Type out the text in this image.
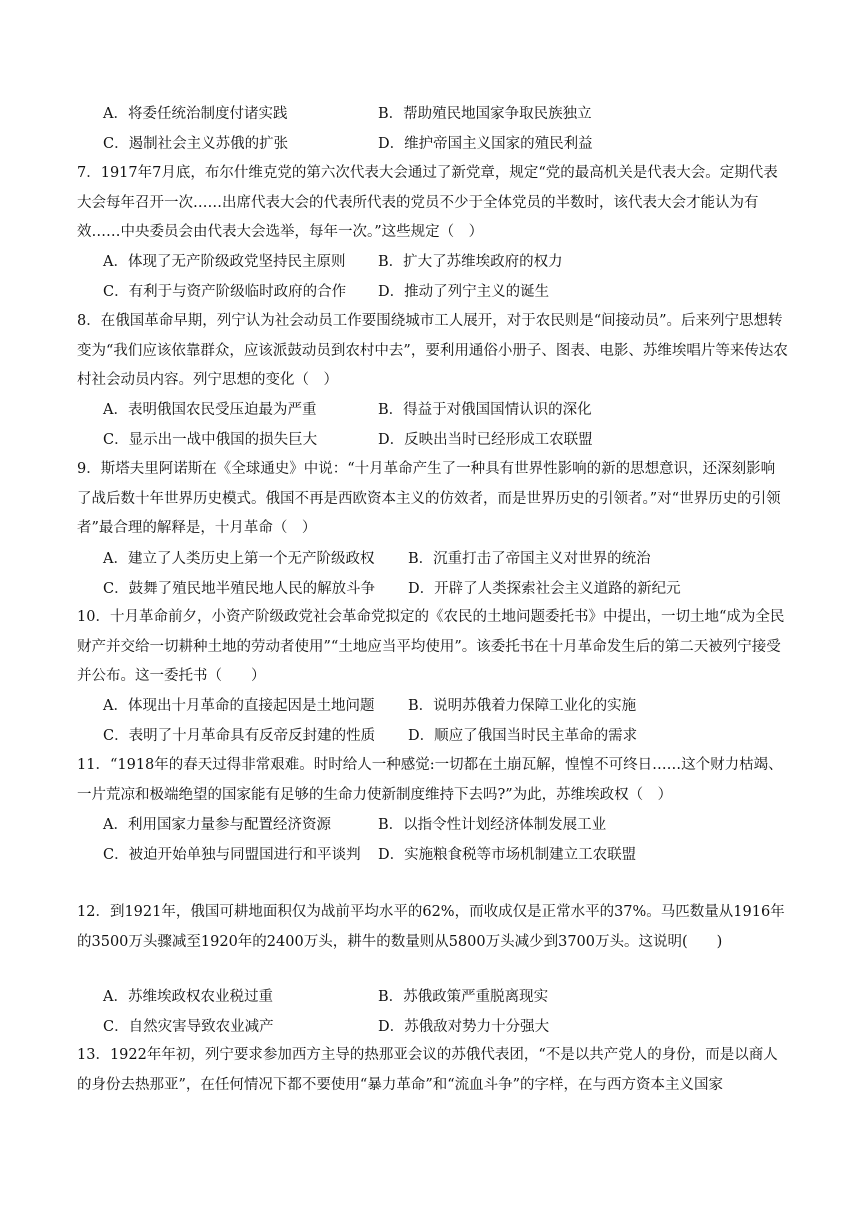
A．将委任统治制度付诸实践	B．帮助殖民地国家争取民族独立
C．遏制社会主义苏俄的扩张	D．维护帝国主义国家的殖民利益
7．1917年7月底，布尔什维克党的第六次代表大会通过了新党章，规定“党的最高机关是代表大会。定期代表大会每年召开一次……出席代表大会的代表所代表的党员不少于全体党员的半数时，该代表大会才能认为有效……中央委员会由代表大会选举，每年一次。”这些规定（　）
A．体现了无产阶级政党坚持民主原则 B．扩大了苏维埃政府的权力
C．有利于与资产阶级临时政府的合作 D．推动了列宁主义的诞生
8．在俄国革命早期，列宁认为社会动员工作要围绕城市工人展开，对于农民则是“间接动员”。后来列宁思想转变为“我们应该依靠群众，应该派鼓动员到农村中去”，要利用通俗小册子、图表、电影、苏维埃唱片等来传达农村社会动员内容。列宁思想的变化（　）
A．表明俄国农民受压迫最为严重	B．得益于对俄国国情认识的深化
C．显示出一战中俄国的损失巨大	D．反映出当时已经形成工农联盟
9．斯塔夫里阿诺斯在《全球通史》中说：“十月革命产生了一种具有世界性影响的新的思想意识，还深刻影响了战后数十年世界历史模式。俄国不再是西欧资本主义的仿效者，而是世界历史的引领者。”对“世界历史的引领者”最合理的解释是，十月革命（　）
A．建立了人类历史上第一个无产阶级政权 B．沉重打击了帝国主义对世界的统治
C．鼓舞了殖民地半殖民地人民的解放斗争 D．开辟了人类探索社会主义道路的新纪元
10．十月革命前夕，小资产阶级政党社会革命党拟定的《农民的土地问题委托书》中提出，一切土地“成为全民财产并交给一切耕种土地的劳动者使用”“土地应当平均使用”。该委托书在十月革命发生后的第二天被列宁接受并公布。这一委托书（　　）
A．体现出十月革命的直接起因是土地问题 B．说明苏俄着力保障工业化的实施
C．表明了十月革命具有反帝反封建的性质 D．顺应了俄国当时民主革命的需求
11．“1918年的春天过得非常艰难。时时给人一种感觉:一切都在土崩瓦解，惶惶不可终日……这个财力枯竭、一片荒凉和极端绝望的国家能有足够的生命力使新制度维持下去吗?”为此，苏维埃政权（　）
A．利用国家力量参与配置经济资源	B．以指令性计划经济体制发展工业
C．被迫开始单独与同盟国进行和平谈判 D．实施粮食税等市场机制建立工农联盟
12．到1921年，俄国可耕地面积仅为战前平均水平的62%，而收成仅是正常水平的37%。马匹数量从1916年的3500万头骤减至1920年的2400万头，耕牛的数量则从5800万头减少到3700万头。这说明(　　)
A．苏维埃政权农业税过重	B．苏俄政策严重脱离现实
C．自然灾害导致农业减产	D．苏俄敌对势力十分强大
13．1922年年初，列宁要求参加西方主导的热那亚会议的苏俄代表团，“不是以共产党人的身份，而是以商人的身份去热那亚”，在任何情况下都不要使用“暴力革命”和“流血斗争”的字样，在与西方资本主义国家
